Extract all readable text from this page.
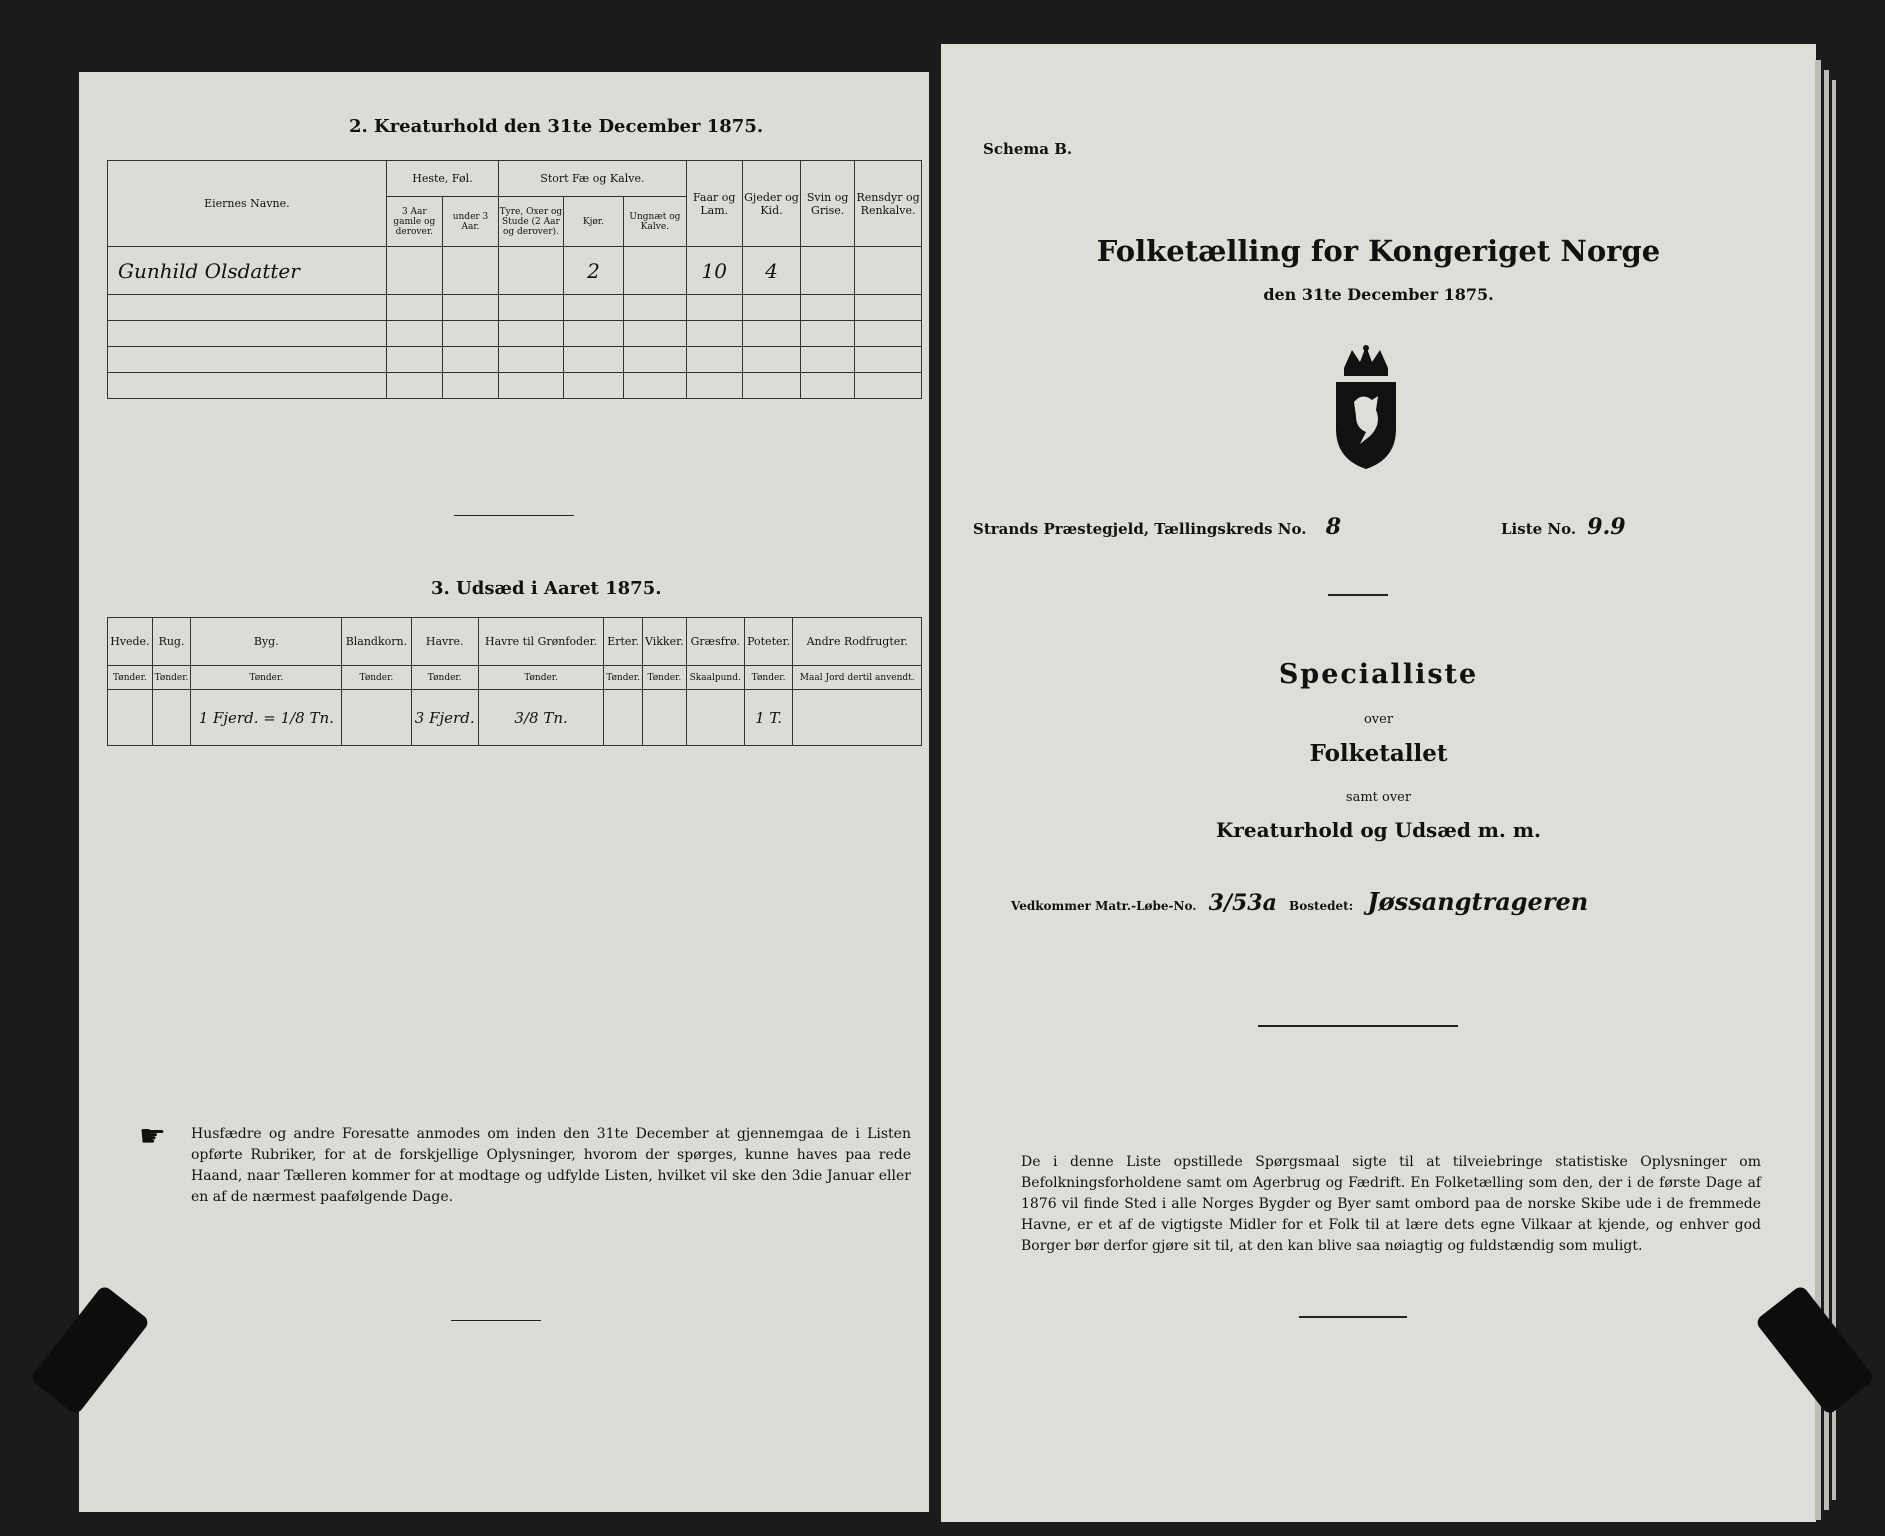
2. Kreaturhold den 31te December 1875.
Eiernes Navne.	Heste, Føl.		Stort Fæ og Kalve.			Faar og Lam.	Gjeder og Kid.	Svin og Grise.	Rensdyr og Renkalve.
	3 Aar gamle og derover.	under 3 Aar.	Tyre, Oxer og Stude (2 Aar og derover).	Kjør.	Ungnæt og Kalve.				
Gunhild Olsdatter				2		10	4		

3. Udsæd i Aaret 1875.
Hvede.	Rug.	Byg.	Blandkorn.	Havre.	Havre til Grønfoder.	Erter.	Vikker.	Græsfrø.	Poteter.	Andre Rodfrugter.
Tønder.	Tønder.	Tønder.	Tønder.	Tønder.	Tønder.	Tønder.	Tønder.	Skaalpund.	Tønder.	Maal Jord dertil anvendt.
		1 Fjerd. = 1/8 Tn.		3 Fjerd.	3/8 Tn.				1 T.	
☛ Husfædre og andre Foresatte anmodes om inden den 31te December at gjennemgaa de i Listen opførte Rubriker, for at de forskjellige Oplysninger, hvorom der spørges, kunne haves paa rede Haand, naar Tælleren kommer for at modtage og udfylde Listen, hvilket vil ske den 3die Januar eller en af de nærmest paafølgende Dage.
Schema B.
Folketælling for Kongeriget Norge
den 31te December 1875.
Strands Præstegjeld, Tællingskreds No. 8	Liste No. 9.9
Specialliste
over
Folketallet
samt over
Kreaturhold og Udsæd m. m.
Vedkommer Matr.-Løbe-No. 3/53a Bostedet: Jøssangtrageren
De i denne Liste opstillede Spørgsmaal sigte til at tilveiebringe statistiske Oplysninger om Befolkningsforholdene samt om Agerbrug og Fædrift. En Folketælling som den, der i de første Dage af 1876 vil finde Sted i alle Norges Bygder og Byer samt ombord paa de norske Skibe ude i de fremmede Havne, er et af de vigtigste Midler for et Folk til at lære dets egne Vilkaar at kjende, og enhver god Borger bør derfor gjøre sit til, at den kan blive saa nøiagtig og fuldstændig som muligt.
